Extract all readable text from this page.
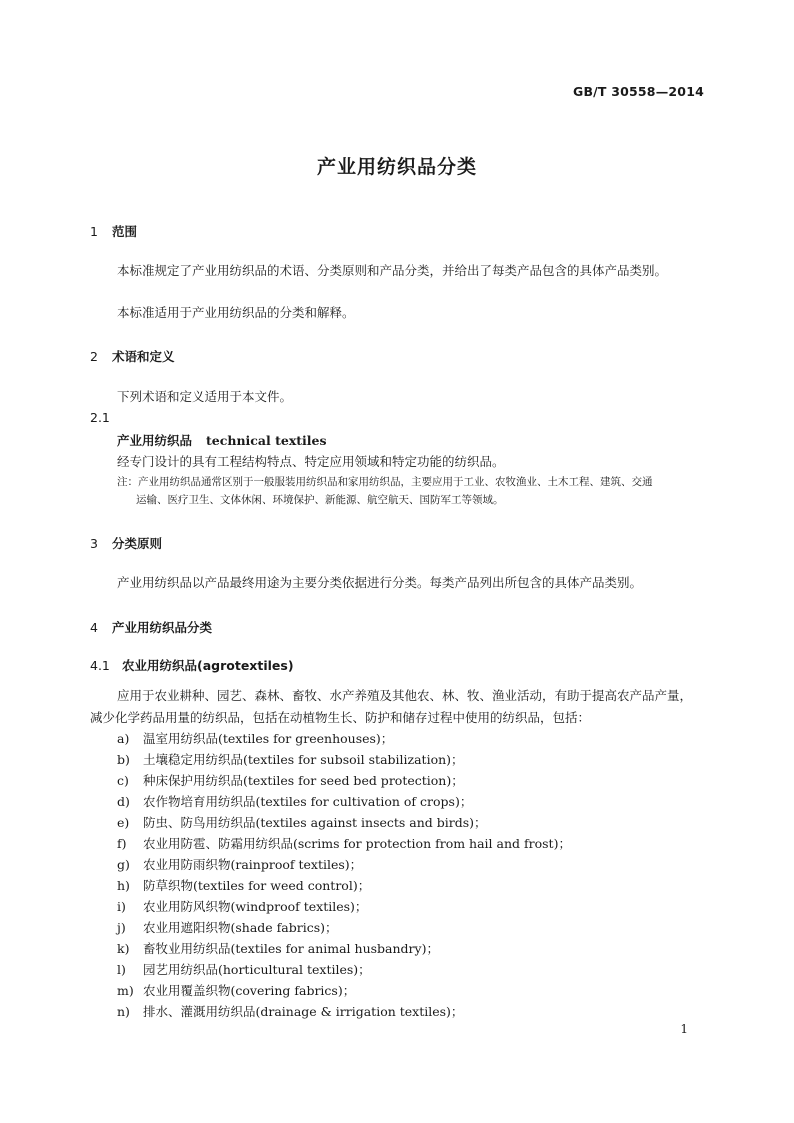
GB/T 30558—2014
产业用纺织品分类
1 范围
本标准规定了产业用纺织品的术语、分类原则和产品分类，并给出了每类产品包含的具体产品类别。
本标准适用于产业用纺织品的分类和解释。
2 术语和定义
下列术语和定义适用于本文件。
2.1
产业用纺织品 technical textiles
经专门设计的具有工程结构特点、特定应用领域和特定功能的纺织品。
注：产业用纺织品通常区别于一般服装用纺织品和家用纺织品，主要应用于工业、农牧渔业、土木工程、建筑、交通
运输、医疗卫生、文体休闲、环境保护、新能源、航空航天、国防军工等领域。
3 分类原则
产业用纺织品以产品最终用途为主要分类依据进行分类。每类产品列出所包含的具体产品类别。
4 产业用纺织品分类
4.1 农业用纺织品(agrotextiles)
应用于农业耕种、园艺、森林、畜牧、水产养殖及其他农、林、牧、渔业活动，有助于提高农产品产量，
减少化学药品用量的纺织品，包括在动植物生长、防护和储存过程中使用的纺织品，包括：
a) 温室用纺织品(textiles for greenhouses)；
b) 土壤稳定用纺织品(textiles for subsoil stabilization)；
c) 种床保护用纺织品(textiles for seed bed protection)；
d) 农作物培育用纺织品(textiles for cultivation of crops)；
e) 防虫、防鸟用纺织品(textiles against insects and birds)；
f) 农业用防雹、防霜用纺织品(scrims for protection from hail and frost)；
g) 农业用防雨织物(rainproof textiles)；
h) 防草织物(textiles for weed control)；
i) 农业用防风织物(windproof textiles)；
j) 农业用遮阳织物(shade fabrics)；
k) 畜牧业用纺织品(textiles for animal husbandry)；
l) 园艺用纺织品(horticultural textiles)；
m) 农业用覆盖织物(covering fabrics)；
n) 排水、灌溉用纺织品(drainage & irrigation textiles)；
1
